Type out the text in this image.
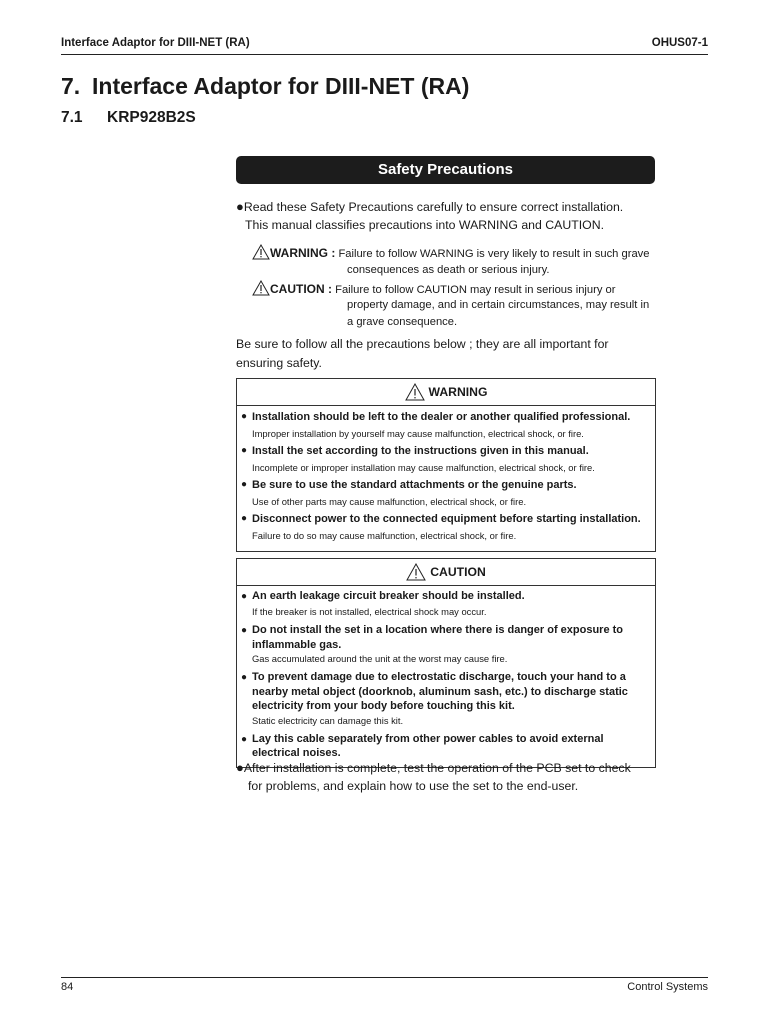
Interface Adaptor for DIII-NET (RA)	OHUS07-1
7. Interface Adaptor for DIII-NET (RA)
7.1 KRP928B2S
Safety Precautions
●Read these Safety Precautions carefully to ensure correct installation.
This manual classifies precautions into WARNING and CAUTION.
WARNING : Failure to follow WARNING is very likely to result in such grave
consequences as death or serious injury.
CAUTION : Failure to follow CAUTION may result in serious injury or
property damage, and in certain circumstances, may result in
a grave consequence.
Be sure to follow all the precautions below ; they are all important for
ensuring safety.
WARNING
● Installation should be left to the dealer or another qualified professional.
Improper installation by yourself may cause malfunction, electrical shock, or fire.
● Install the set according to the instructions given in this manual.
Incomplete or improper installation may cause malfunction, electrical shock, or fire.
● Be sure to use the standard attachments or the genuine parts.
Use of other parts may cause malfunction, electrical shock, or fire.
● Disconnect power to the connected equipment before starting installation.
Failure to do so may cause malfunction, electrical shock, or fire.
CAUTION
● An earth leakage circuit breaker should be installed.
If the breaker is not installed, electrical shock may occur.
● Do not install the set in a location where there is danger of exposure to inflammable gas.
Gas accumulated around the unit at the worst may cause fire.
● To prevent damage due to electrostatic discharge, touch your hand to a nearby metal object (doorknob, aluminum sash, etc.) to discharge static electricity from your body before touching this kit.
Static electricity can damage this kit.
● Lay this cable separately from other power cables to avoid external electrical noises.
●After installation is complete, test the operation of the PCB set to check
for problems, and explain how to use the set to the end-user.
84	Control Systems
